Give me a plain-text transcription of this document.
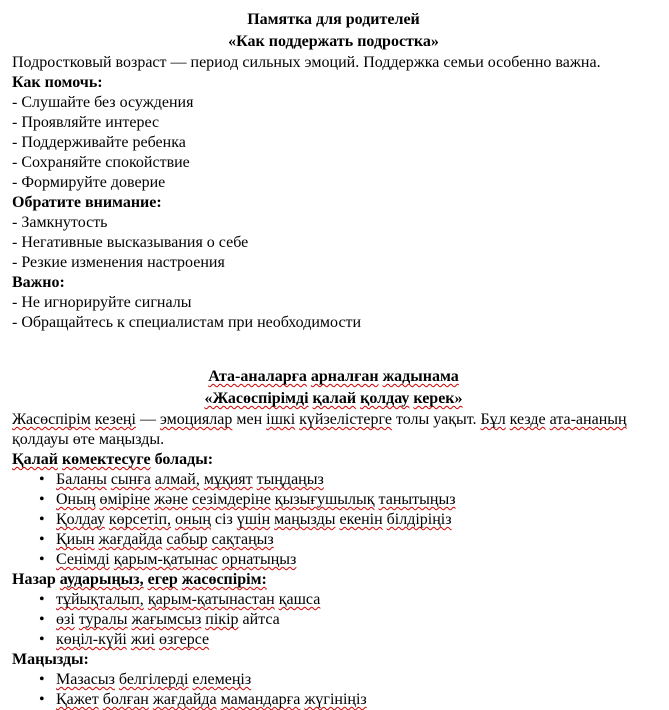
Памятка для родителей
«Как поддержать подростка»
Подростковый возраст — период сильных эмоций. Поддержка семьи особенно важна.
Как помочь:
- Слушайте без осуждения
- Проявляйте интерес
- Поддерживайте ребенка
- Сохраняйте спокойствие
- Формируйте доверие
Обратите внимание:
- Замкнутость
- Негативные высказывания о себе
- Резкие изменения настроения
Важно:
- Не игнорируйте сигналы
- Обращайтесь к специалистам при необходимости
Ата-аналарға арналған жадынама
«Жасөспірімді қалай қолдау керек»

Жасөспірім кезеңі — эмоциялар мен ішкі күйзелістерге толы уақыт. Бұл кезде ата-ананың қолдауы өте маңызды.

Қалай көмектесуге болады:
• Баланы сынға алмай, мұқият тыңдаңыз
• Оның өміріне және сезімдеріне қызығушылық танытыңыз
• Қолдау көрсетіп, оның сіз үшін маңызды екенін білдіріңіз
• Қиын жағдайда сабыр сақтаңыз
• Сенімді қарым-қатынас орнатыңыз
Назар аударыңыз, егер жасөспірім:
• тұйықталып, қарым-қатынастан қашса
• өзі туралы жағымсыз пікір айтса
• көңіл-күйі жиі өзгерсе
Маңызды:
• Мазасыз белгілерді елемеңіз
• Қажет болған жағдайда мамандарға жүгініңіз
